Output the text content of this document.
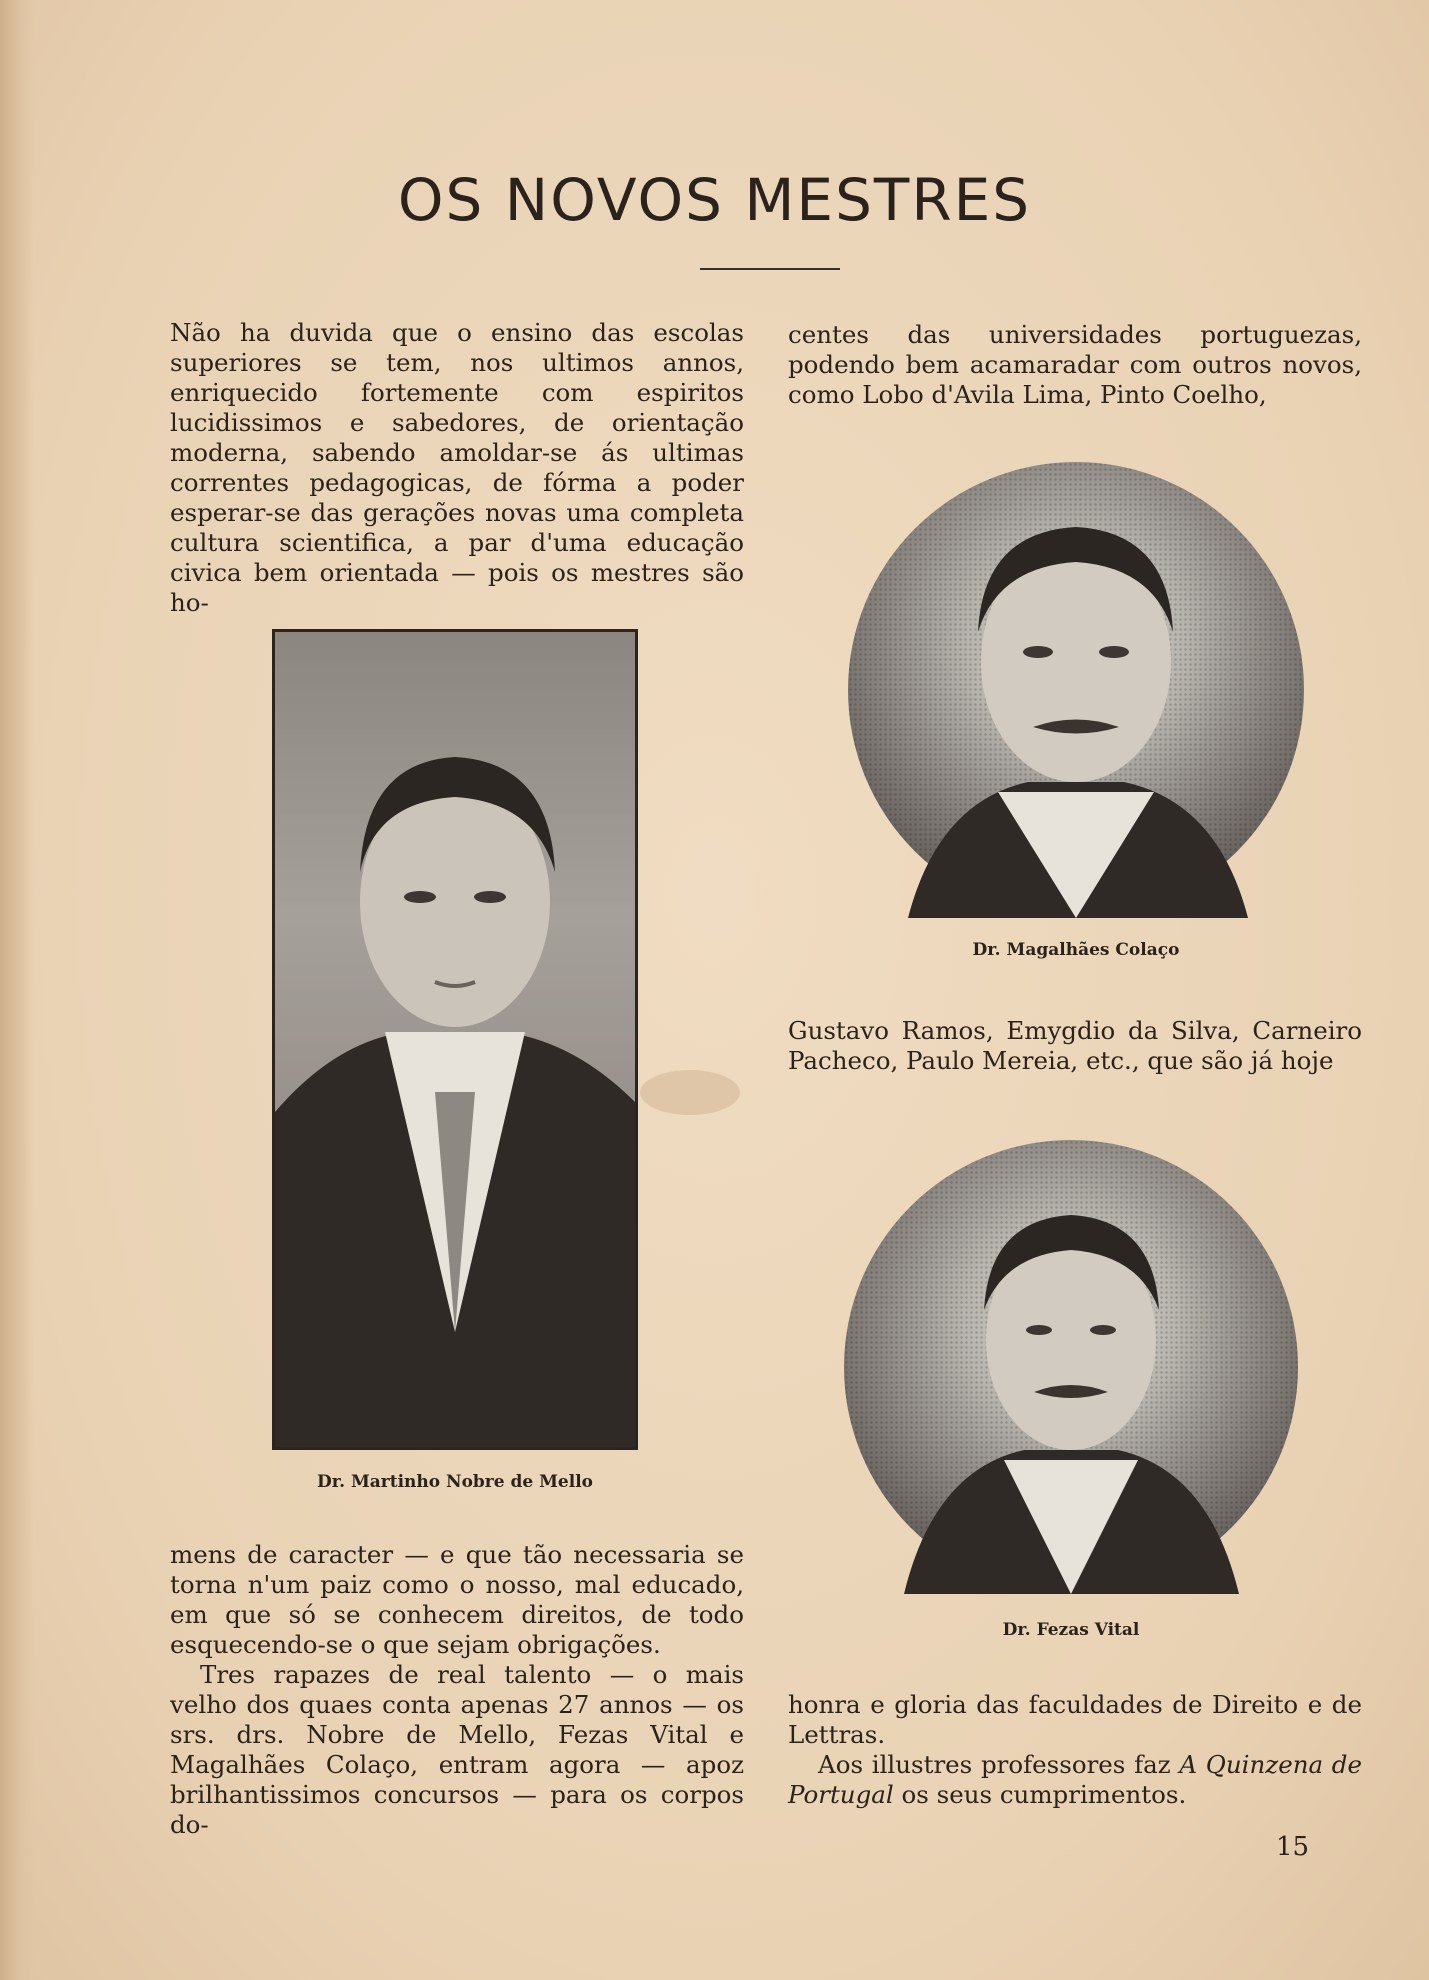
OS NOVOS MESTRES

Não ha duvida que o ensino das escolas superiores se tem, nos ultimos annos, enriquecido fortemente com espiritos lucidissimos e sabedores, de orientação moderna, sabendo amoldar-se ás ultimas correntes pedagogicas, de fórma a poder esperar-se das gerações novas uma completa cultura scientifica, a par d'uma educação civica bem orientada — pois os mestres são ho-

centes das universidades portuguezas, podendo bem acamaradar com outros novos, como Lobo d'Avila Lima, Pinto Coelho,

Dr. Martinho Nobre de Mello
Dr. Magalhães Colaço

Gustavo Ramos, Emygdio da Silva, Carneiro Pacheco, Paulo Mereia, etc., que são já hoje

Dr. Fezas Vital

mens de caracter — e que tão necessaria se torna n'um paiz como o nosso, mal educado, em que só se conhecem direitos, de todo esquecendo-se o que sejam obrigações.

Tres rapazes de real talento — o mais velho dos quaes conta apenas 27 annos — os srs. drs. Nobre de Mello, Fezas Vital e Magalhães Colaço, entram agora — apoz brilhantissimos concursos — para os corpos do-

honra e gloria das faculdades de Direito e de Lettras.

Aos illustres professores faz A Quinzena de Portugal os seus cumprimentos.

15
